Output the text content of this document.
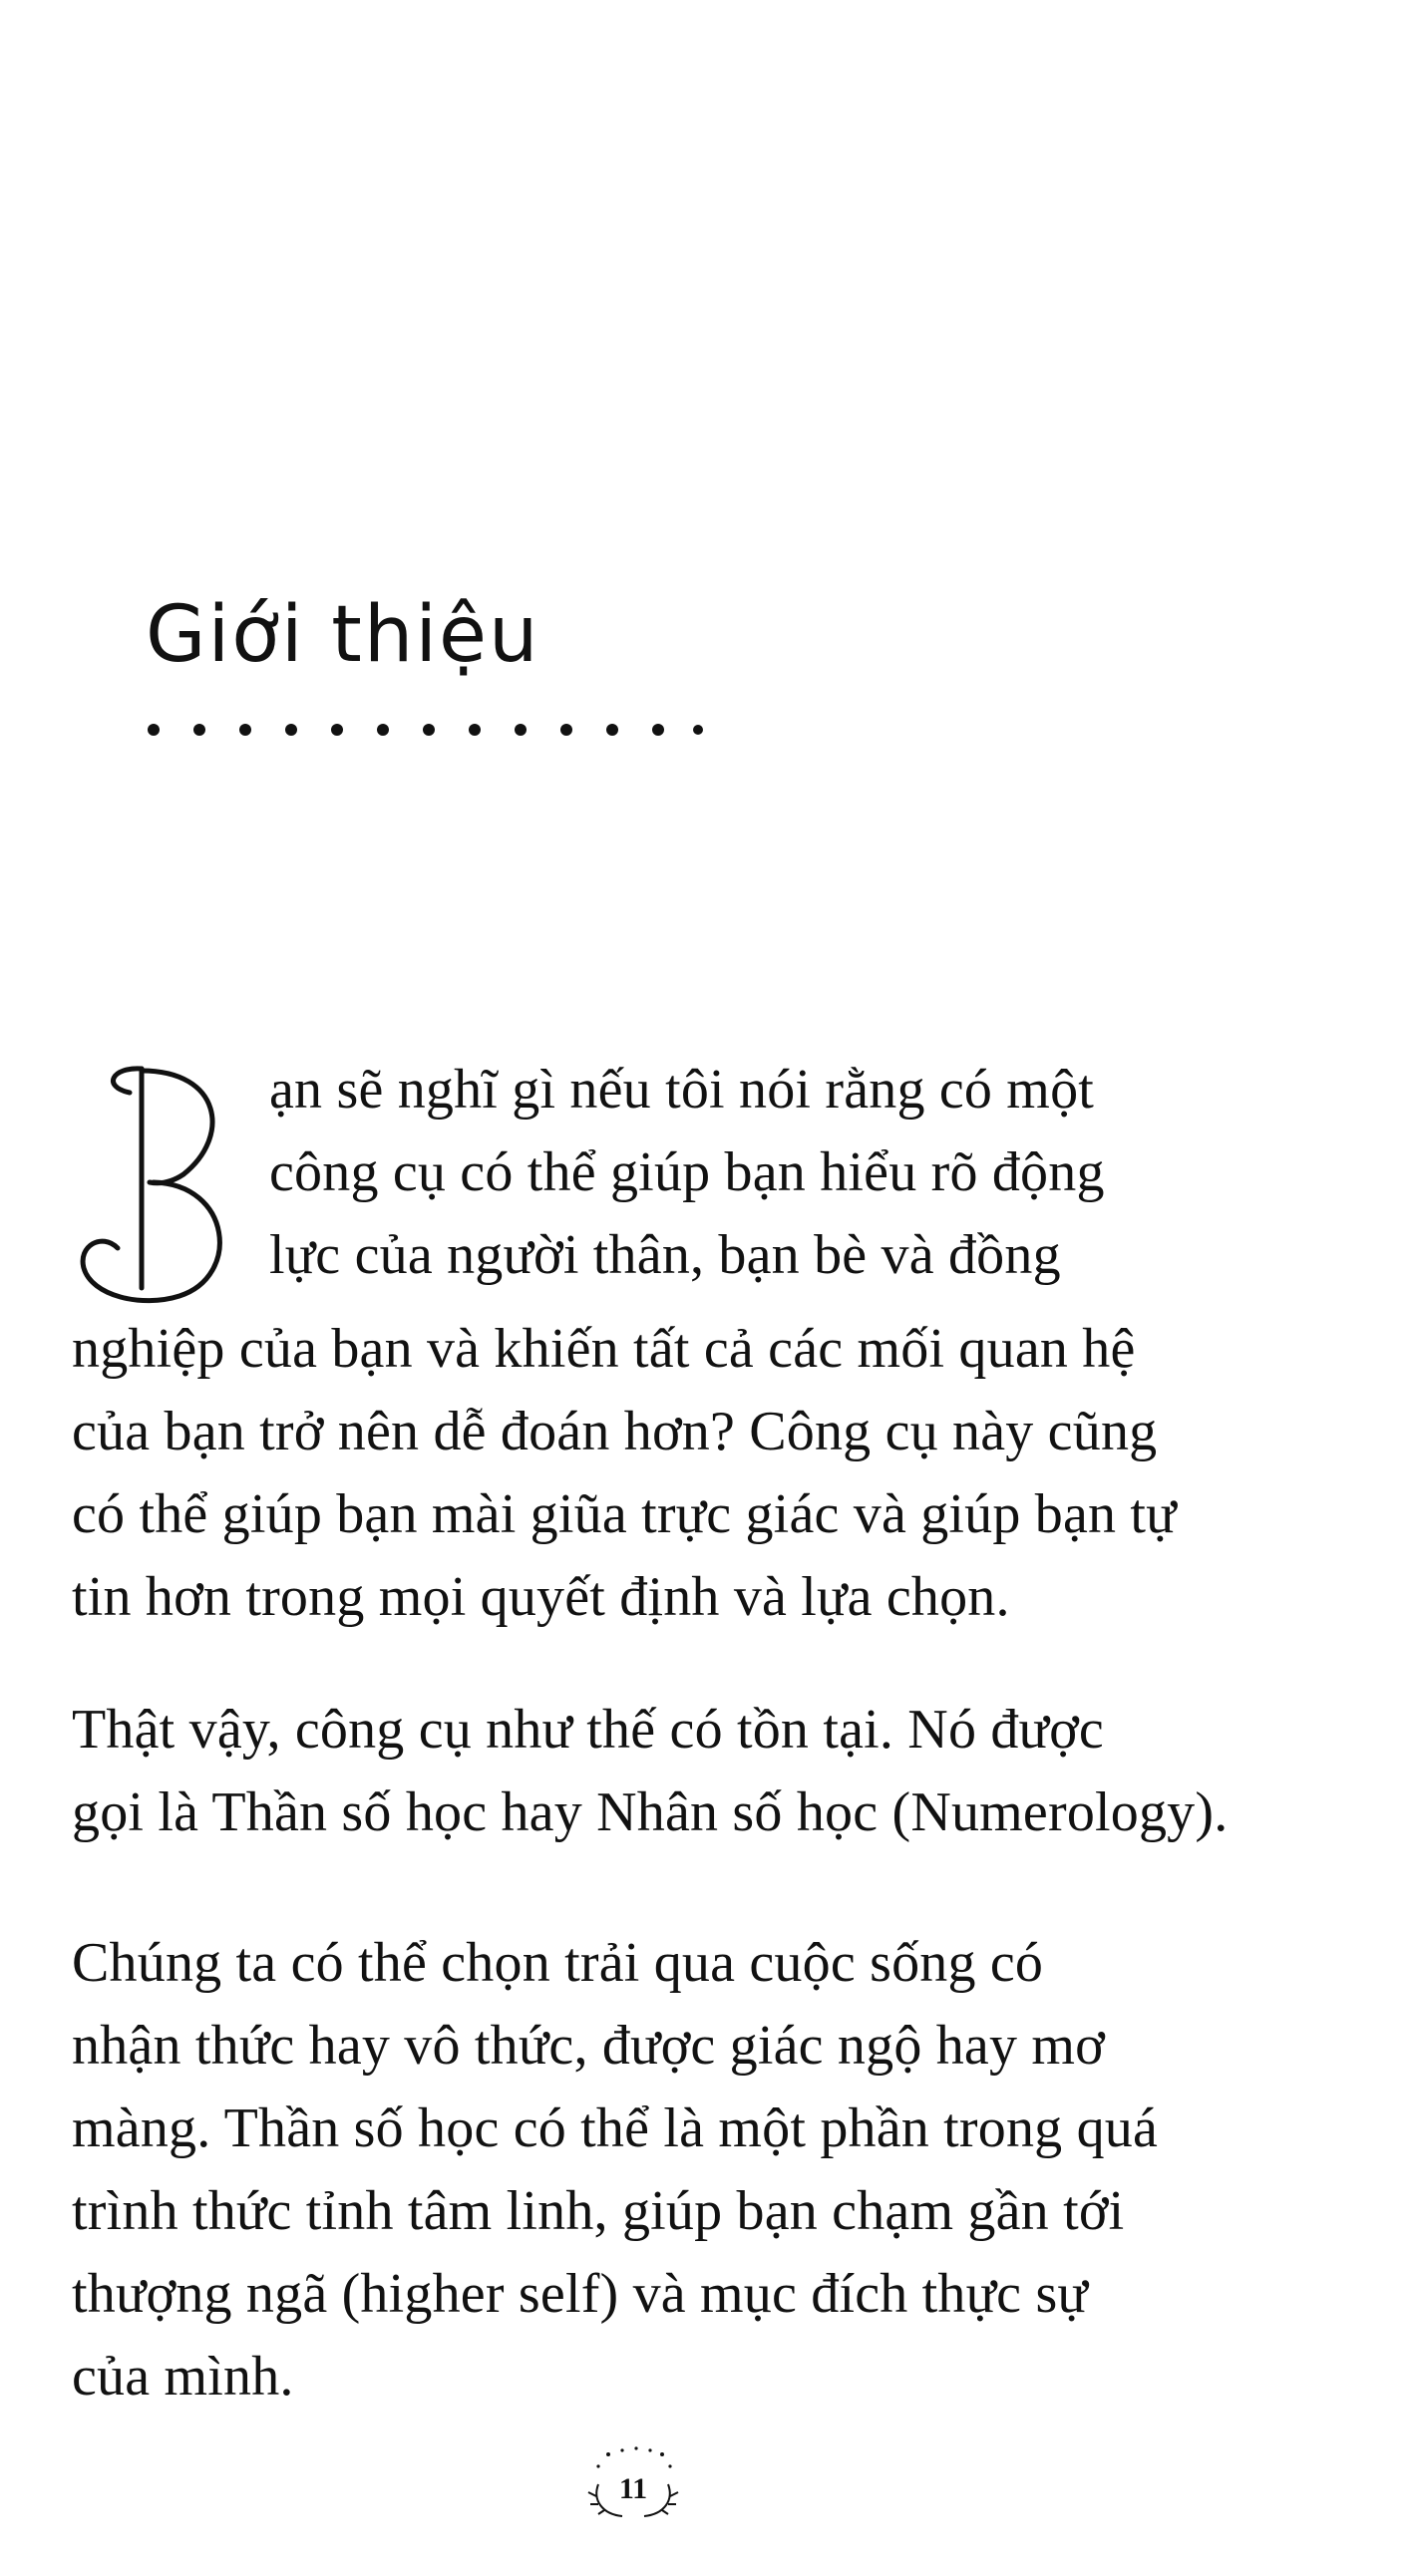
Giới thiệu
ạn sẽ nghĩ gì nếu tôi nói rằng có một
công cụ có thể giúp bạn hiểu rõ động
lực của người thân, bạn bè và đồng
nghiệp của bạn và khiến tất cả các mối quan hệ
của bạn trở nên dễ đoán hơn? Công cụ này cũng
có thể giúp bạn mài giũa trực giác và giúp bạn tự
tin hơn trong mọi quyết định và lựa chọn.
Thật vậy, công cụ như thế có tồn tại. Nó được
gọi là Thần số học hay Nhân số học (Numerology).
Chúng ta có thể chọn trải qua cuộc sống có
nhận thức hay vô thức, được giác ngộ hay mơ
màng. Thần số học có thể là một phần trong quá
trình thức tỉnh tâm linh, giúp bạn chạm gần tới
thượng ngã (higher self) và mục đích thực sự
của mình.
11
